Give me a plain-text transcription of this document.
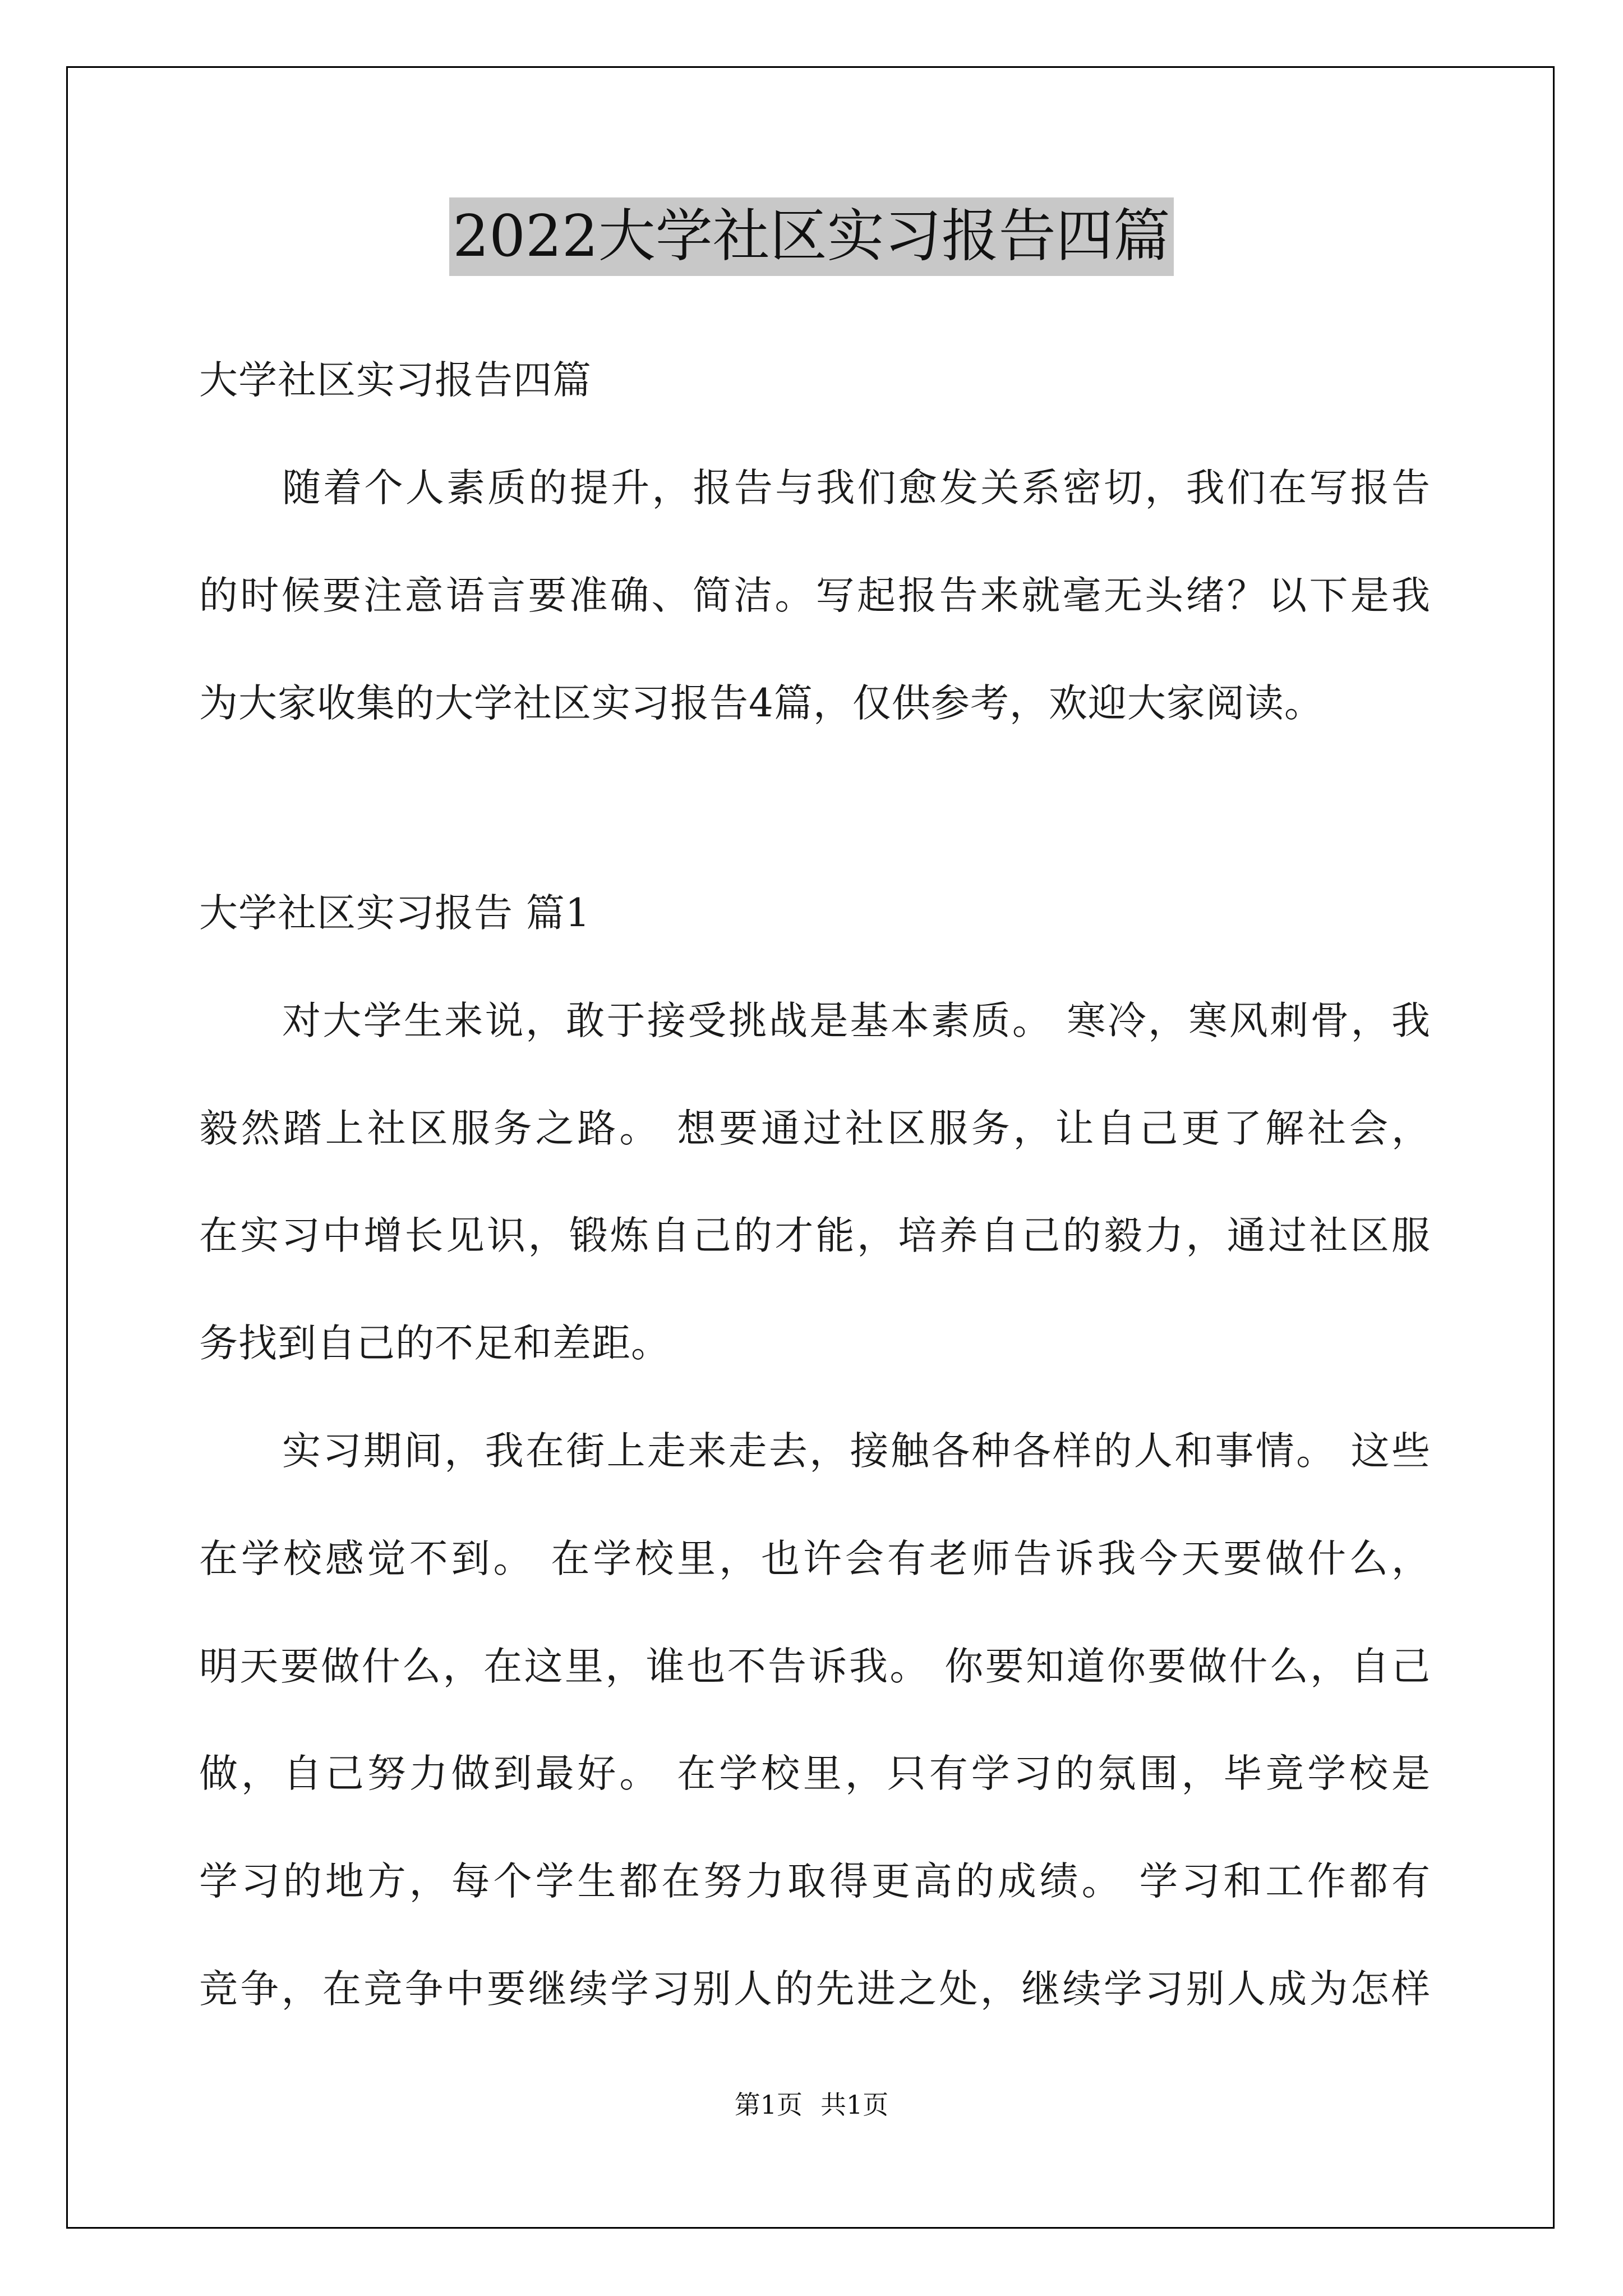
2022大学社区实习报告四篇
大学社区实习报告四篇
随着个人素质的提升，报告与我们愈发关系密切，我们在写报告
的时候要注意语言要准确、简洁。写起报告来就毫无头绪？以下是我
为大家收集的大学社区实习报告4篇，仅供参考，欢迎大家阅读。
大学社区实习报告 篇1
对大学生来说，敢于接受挑战是基本素质。 寒冷，寒风刺骨，我
毅然踏上社区服务之路。 想要通过社区服务，让自己更了解社会，
在实习中增长见识，锻炼自己的才能，培养自己的毅力，通过社区服
务找到自己的不足和差距。
实习期间，我在街上走来走去，接触各种各样的人和事情。 这些
在学校感觉不到。 在学校里，也许会有老师告诉我今天要做什么，
明天要做什么，在这里，谁也不告诉我。 你要知道你要做什么，自己
做，自己努力做到最好。 在学校里，只有学习的氛围，毕竟学校是
学习的地方，每个学生都在努力取得更高的成绩。 学习和工作都有
竞争，在竞争中要继续学习别人的先进之处，继续学习别人成为怎样
第1页 共1页
